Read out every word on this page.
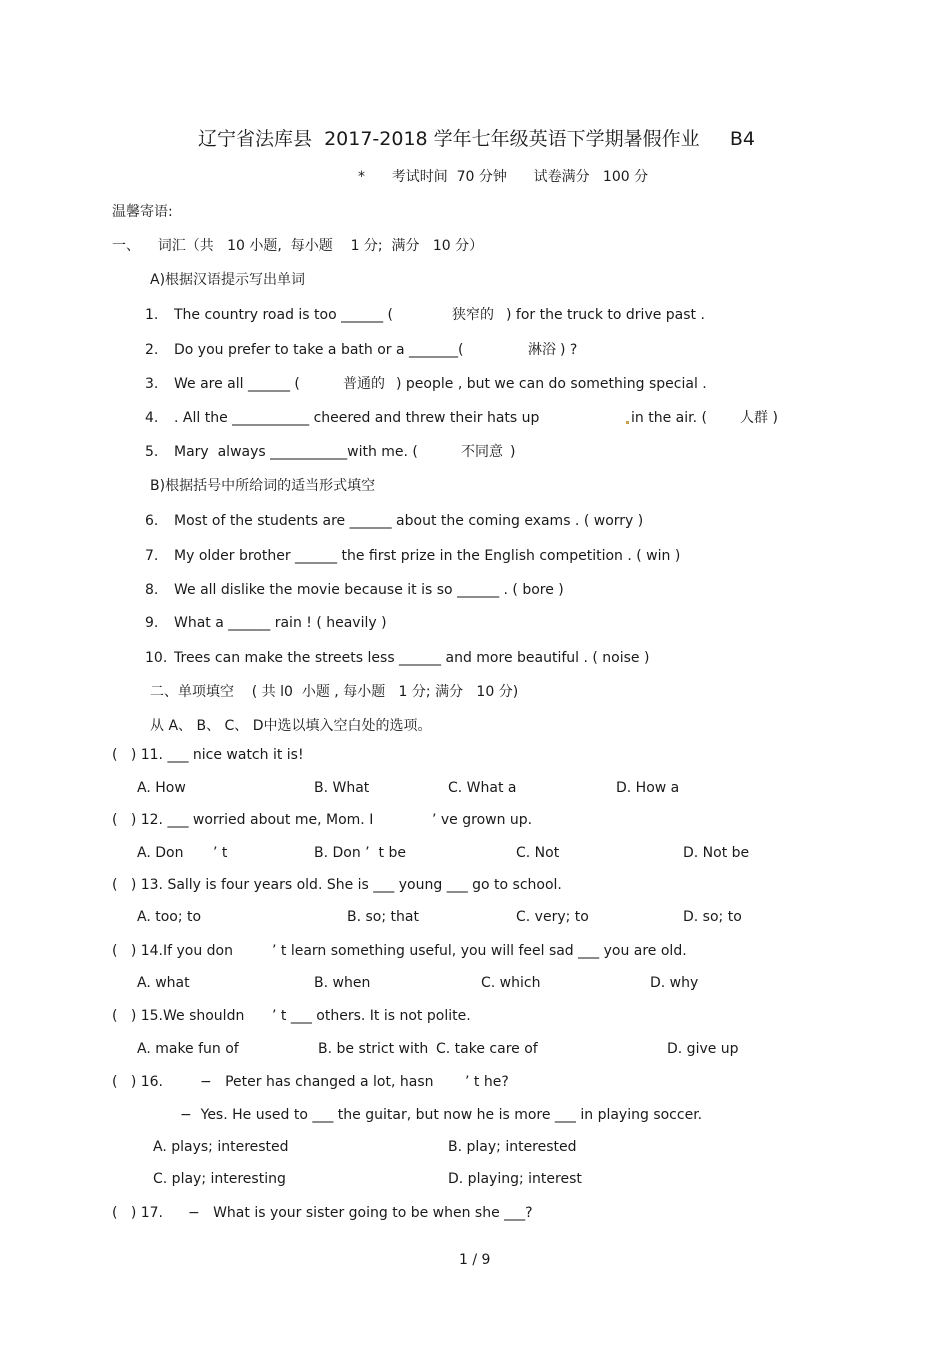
辽宁省法库县  2017-2018 学年七年级英语下学期暑假作业     B4
*      考试时间  70 分钟      试卷满分   100 分
温馨寄语:
一、    词汇（共   10 小题,  每小题    1 分;  满分   10 分）
A)根据汉语提示写出单词
1. The country road is too ______ (	狭窄的 ) for the truck to drive past .
2. Do you prefer to take a bath or a _______(	淋浴 ) ?
3. We are all ______ (	普通的 ) people , but we can do something special .
4. . All the ___________ cheered and threw their hats up	in the air. ( 人群 )
5. Mary  always ___________with me. (	不同意 )
B)根据括号中所给词的适当形式填空
6. Most of the students are ______ about the coming exams . ( worry )
7. My older brother ______ the first prize in the English competition . ( win )
8. We all dislike the movie because it is so ______ . ( bore )
9. What a ______ rain ! ( heavily )
10. Trees can make the streets less ______ and more beautiful . ( noise )
二、单项填空    ( 共 l0  小题 , 每小题   1 分; 满分   10 分)
从 A、 B、 C、 D中选以填入空白处的选项。
(   ) 11. ___ nice watch it is!
A. How	B. What	C. What a	D. How a
(   ) 12. ___ worried about me, Mom. I	’ ve grown up.
A. Don ’ t	B. Don ’  t be	C. Not	D. Not be
(   ) 13. Sally is four years old. She is ___ young ___ go to school.
A. too; to	B. so; that	C. very; to	D. so; to
(   ) 14.If you don	’ t learn something useful, you will feel sad ___ you are old.
A. what	B. when	C. which	D. why
(   ) 15.We shouldn ’ t ___ others. It is not polite.
A. make fun of	B. be strict with C. take care of	D. give up
(   ) 16.	−   Peter has changed a lot, hasn ’ t he?
−  Yes. He used to ___ the guitar, but now he is more ___ in playing soccer.
A. plays; interested	B. play; interested
C. play; interesting	D. playing; interest
(   ) 17. −   What is your sister going to be when she ___?
1 / 9
